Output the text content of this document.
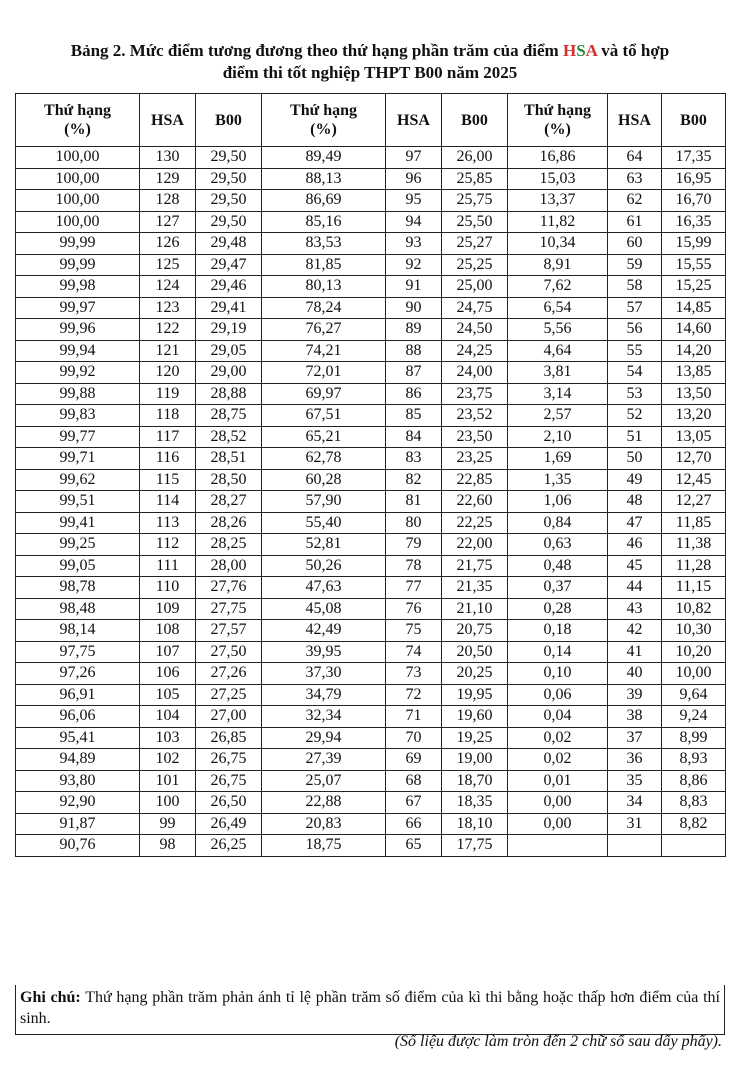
Bảng 2. Mức điểm tương đương theo thứ hạng phần trăm của điểm HSA và tổ hợp
điểm thi tốt nghiệp THPT B00 năm 2025
Thứ hạng
(%)	HSA	B00	Thứ hạng
(%)	HSA	B00	Thứ hạng
(%)	HSA	B00
100,00	130	29,50	89,49	97	26,00	16,86	64	17,35
100,00	129	29,50	88,13	96	25,85	15,03	63	16,95
100,00	128	29,50	86,69	95	25,75	13,37	62	16,70
100,00	127	29,50	85,16	94	25,50	11,82	61	16,35
99,99	126	29,48	83,53	93	25,27	10,34	60	15,99
99,99	125	29,47	81,85	92	25,25	8,91	59	15,55
99,98	124	29,46	80,13	91	25,00	7,62	58	15,25
99,97	123	29,41	78,24	90	24,75	6,54	57	14,85
99,96	122	29,19	76,27	89	24,50	5,56	56	14,60
99,94	121	29,05	74,21	88	24,25	4,64	55	14,20
99,92	120	29,00	72,01	87	24,00	3,81	54	13,85
99,88	119	28,88	69,97	86	23,75	3,14	53	13,50
99,83	118	28,75	67,51	85	23,52	2,57	52	13,20
99,77	117	28,52	65,21	84	23,50	2,10	51	13,05
99,71	116	28,51	62,78	83	23,25	1,69	50	12,70
99,62	115	28,50	60,28	82	22,85	1,35	49	12,45
99,51	114	28,27	57,90	81	22,60	1,06	48	12,27
99,41	113	28,26	55,40	80	22,25	0,84	47	11,85
99,25	112	28,25	52,81	79	22,00	0,63	46	11,38
99,05	111	28,00	50,26	78	21,75	0,48	45	11,28
98,78	110	27,76	47,63	77	21,35	0,37	44	11,15
98,48	109	27,75	45,08	76	21,10	0,28	43	10,82
98,14	108	27,57	42,49	75	20,75	0,18	42	10,30
97,75	107	27,50	39,95	74	20,50	0,14	41	10,20
97,26	106	27,26	37,30	73	20,25	0,10	40	10,00
96,91	105	27,25	34,79	72	19,95	0,06	39	9,64
96,06	104	27,00	32,34	71	19,60	0,04	38	9,24
95,41	103	26,85	29,94	70	19,25	0,02	37	8,99
94,89	102	26,75	27,39	69	19,00	0,02	36	8,93
93,80	101	26,75	25,07	68	18,70	0,01	35	8,86
92,90	100	26,50	22,88	67	18,35	0,00	34	8,83
91,87	99	26,49	20,83	66	18,10	0,00	31	8,82
90,76	98	26,25	18,75	65	17,75			
Ghi chú: Thứ hạng phần trăm phản ánh tỉ lệ phần trăm số điểm của kì thi bằng hoặc thấp hơn điểm của thí sinh.
(Số liệu được làm tròn đến 2 chữ số sau dấy phẩy).
